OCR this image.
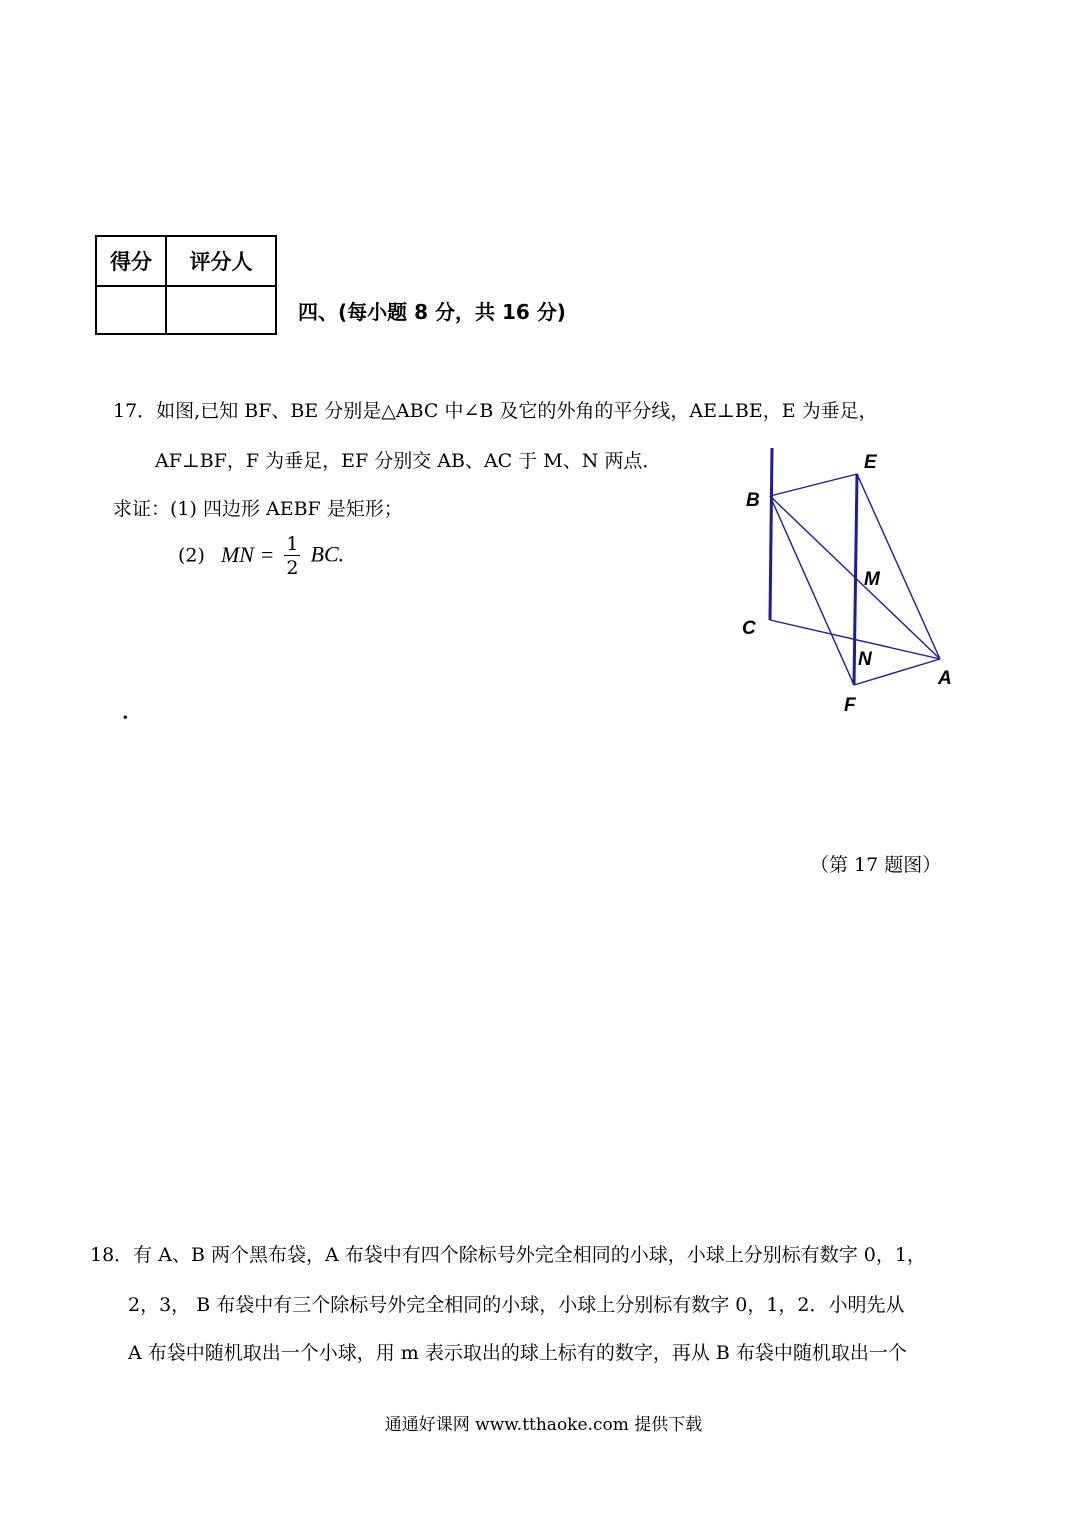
得分	评分人

四、(每小题 8 分，共 16 分)
17．如图,已知 BF、BE 分别是△ABC 中∠B 及它的外角的平分线，AE⊥BE，E 为垂足，
AF⊥BF，F 为垂足，EF 分别交 AB、AC 于 M、N 两点．
求证：(1) 四边形 AEBF 是矩形；
(2) MN = $\frac{1}{2}$ BC.
·
E
B
M
C
N
A
F
（第 17 题图）
18．有 A、B 两个黑布袋，A 布袋中有四个除标号外完全相同的小球，小球上分别标有数字 0，1，
2，3， B 布袋中有三个除标号外完全相同的小球，小球上分别标有数字 0，1，2．小明先从
A 布袋中随机取出一个小球，用 m 表示取出的球上标有的数字，再从 B 布袋中随机取出一个
通通好课网 www.tthaoke.com 提供下载
